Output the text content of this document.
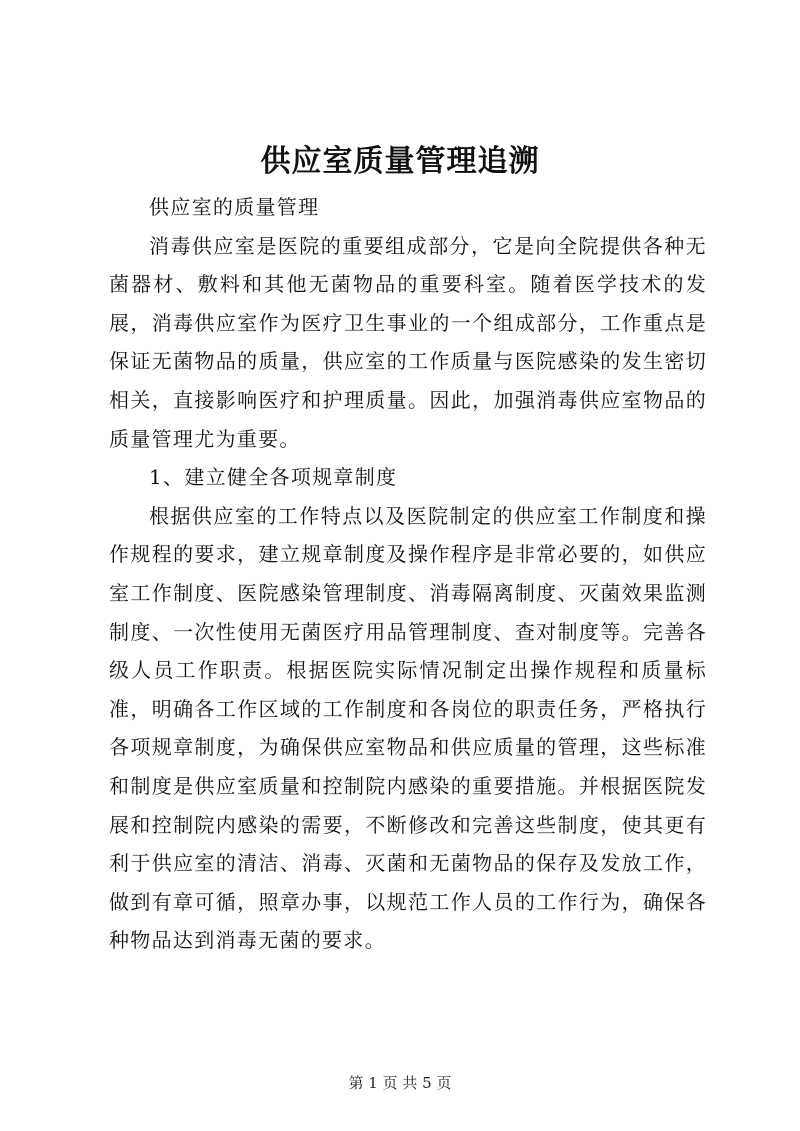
供应室质量管理追溯

供应室的质量管理

消毒供应室是医院的重要组成部分，它是向全院提供各种无菌器材、敷料和其他无菌物品的重要科室。随着医学技术的发展，消毒供应室作为医疗卫生事业的一个组成部分，工作重点是保证无菌物品的质量，供应室的工作质量与医院感染的发生密切相关，直接影响医疗和护理质量。因此，加强消毒供应室物品的质量管理尤为重要。

1、建立健全各项规章制度

根据供应室的工作特点以及医院制定的供应室工作制度和操作规程的要求，建立规章制度及操作程序是非常必要的，如供应室工作制度、医院感染管理制度、消毒隔离制度、灭菌效果监测制度、一次性使用无菌医疗用品管理制度、查对制度等。完善各级人员工作职责。根据医院实际情况制定出操作规程和质量标准，明确各工作区域的工作制度和各岗位的职责任务，严格执行各项规章制度，为确保供应室物品和供应质量的管理，这些标准和制度是供应室质量和控制院内感染的重要措施。并根据医院发展和控制院内感染的需要，不断修改和完善这些制度，使其更有利于供应室的清洁、消毒、灭菌和无菌物品的保存及发放工作，做到有章可循，照章办事，以规范工作人员的工作行为，确保各种物品达到消毒无菌的要求。

第 1 页 共 5 页
